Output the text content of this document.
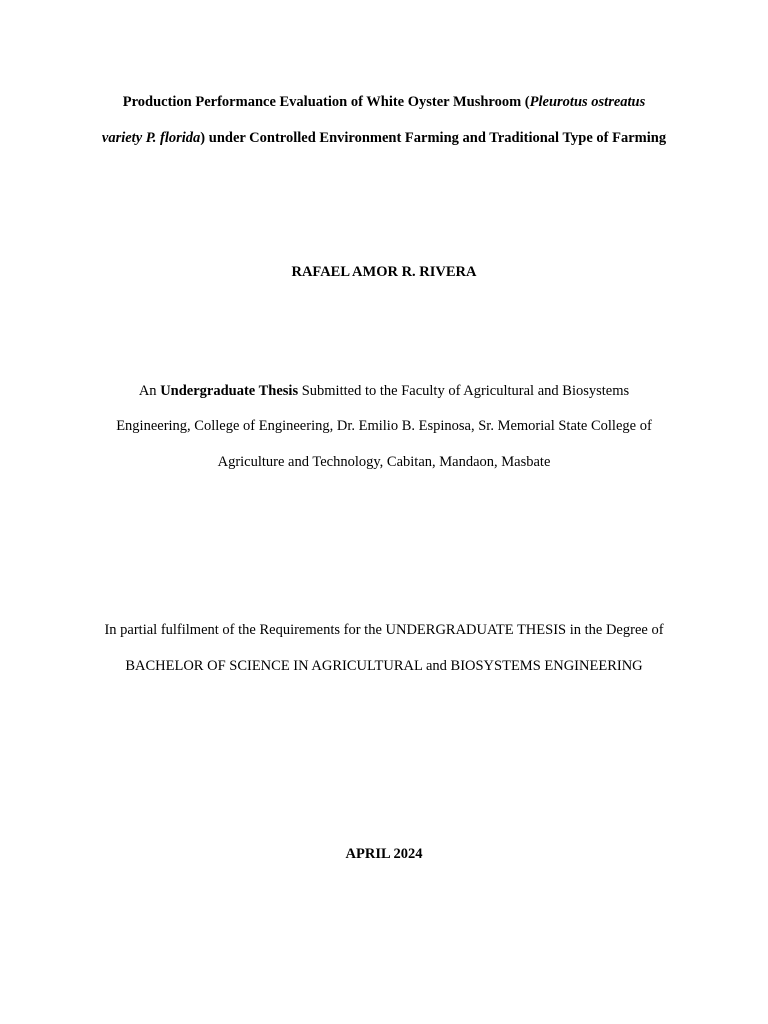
Production Performance Evaluation of White Oyster Mushroom (Pleurotus ostreatus
variety P. florida) under Controlled Environment Farming and Traditional Type of Farming
RAFAEL AMOR R. RIVERA
An Undergraduate Thesis Submitted to the Faculty of Agricultural and Biosystems
Engineering, College of Engineering, Dr. Emilio B. Espinosa, Sr. Memorial State College of
Agriculture and Technology, Cabitan, Mandaon, Masbate
In partial fulfilment of the Requirements for the UNDERGRADUATE THESIS in the Degree of
BACHELOR OF SCIENCE IN AGRICULTURAL and BIOSYSTEMS ENGINEERING
APRIL 2024
